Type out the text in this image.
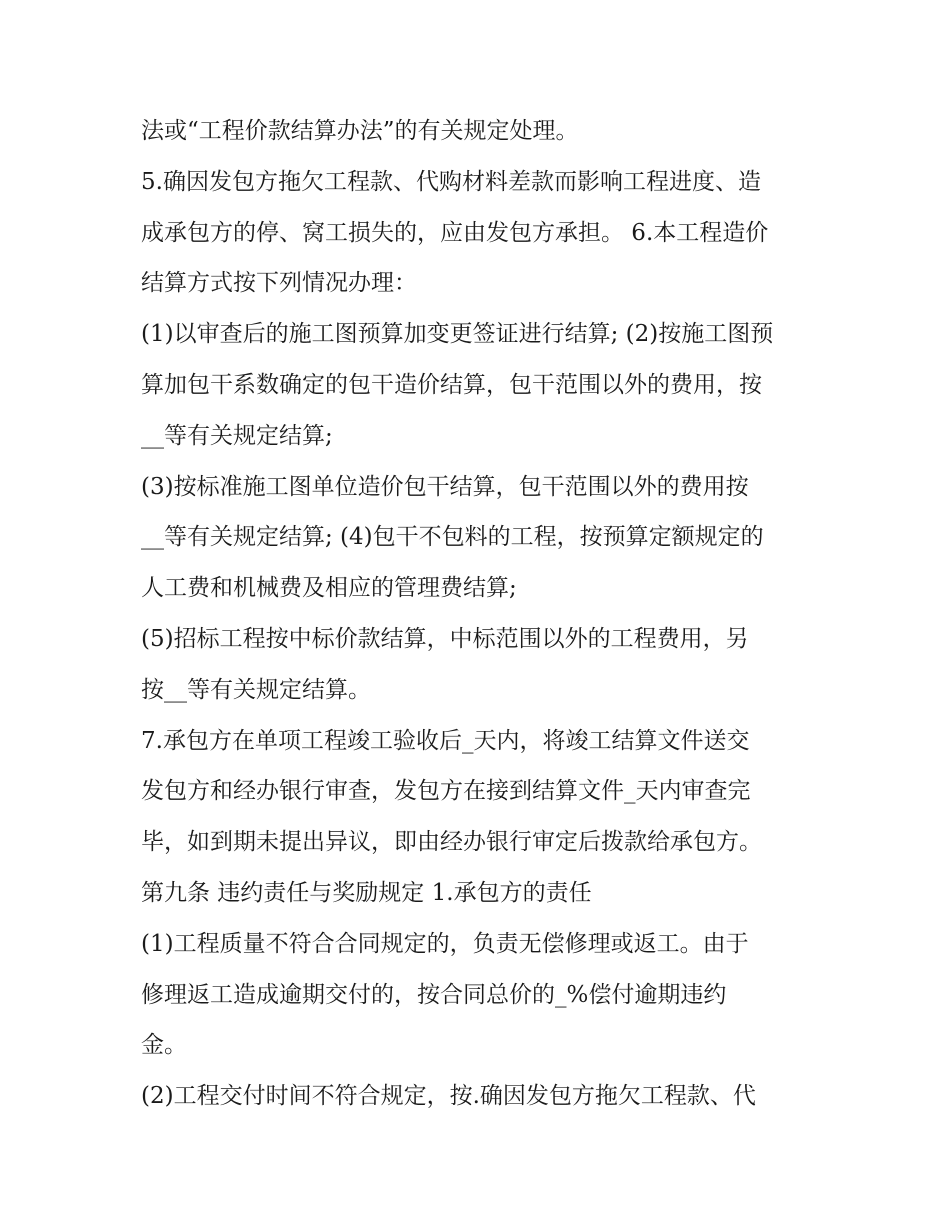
法或“工程价款结算办法”的有关规定处理。
5.确因发包方拖欠工程款、代购材料差款而影响工程进度、造
成承包方的停、窝工损失的，应由发包方承担。 6.本工程造价
结算方式按下列情况办理：
(1)以审查后的施工图预算加变更签证进行结算; (2)按施工图预
算加包干系数确定的包干造价结算，包干范围以外的费用，按
__等有关规定结算;
(3)按标准施工图单位造价包干结算，包干范围以外的费用按
__等有关规定结算; (4)包干不包料的工程，按预算定额规定的
人工费和机械费及相应的管理费结算;
(5)招标工程按中标价款结算，中标范围以外的工程费用，另
按__等有关规定结算。
7.承包方在单项工程竣工验收后_天内，将竣工结算文件送交
发包方和经办银行审查，发包方在接到结算文件_天内审查完
毕，如到期未提出异议，即由经办银行审定后拨款给承包方。
第九条 违约责任与奖励规定 1.承包方的责任
(1)工程质量不符合合同规定的，负责无偿修理或返工。由于
修理返工造成逾期交付的，按合同总价的_%偿付逾期违约
金。
(2)工程交付时间不符合规定，按.确因发包方拖欠工程款、代
